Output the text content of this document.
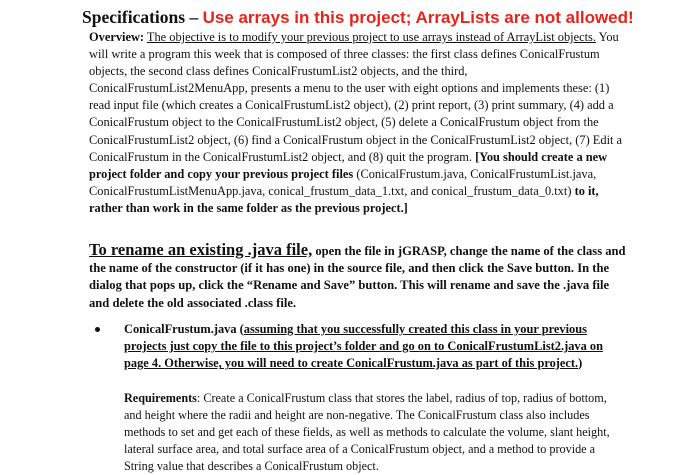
Specifications – Use arrays in this project; ArrayLists are not allowed!
Overview: The objective is to modify your previous project to use arrays instead of ArrayList objects. You will write a program this week that is composed of three classes: the first class defines ConicalFrustum objects, the second class defines ConicalFrustumList2 objects, and the third, ConicalFrustumList2MenuApp, presents a menu to the user with eight options and implements these: (1) read input file (which creates a ConicalFrustumList2 object), (2) print report, (3) print summary, (4) add a ConicalFrustum object to the ConicalFrustumList2 object, (5) delete a ConicalFrustum object from the ConicalFrustumList2 object, (6) find a ConicalFrustum object in the ConicalFrustumList2 object, (7) Edit a ConicalFrustum in the ConicalFrustumList2 object, and (8) quit the program. [You should create a new project folder and copy your previous project files (ConicalFrustum.java, ConicalFrustumList.java, ConicalFrustumListMenuApp.java, conical_frustum_data_1.txt, and conical_frustum_data_0.txt) to it, rather than work in the same folder as the previous project.]
To rename an existing .java file, open the file in jGRASP, change the name of the class and the name of the constructor (if it has one) in the source file, and then click the Save button. In the dialog that pops up, click the “Rename and Save” button. This will rename and save the .java file and delete the old associated .class file.
ConicalFrustum.java (assuming that you successfully created this class in your previous projects just copy the file to this project’s folder and go on to ConicalFrustumList2.java on page 4. Otherwise, you will need to create ConicalFrustum.java as part of this project.)
Requirements: Create a ConicalFrustum class that stores the label, radius of top, radius of bottom, and height where the radii and height are non-negative. The ConicalFrustum class also includes methods to set and get each of these fields, as well as methods to calculate the volume, slant height, lateral surface area, and total surface area of a ConicalFrustum object, and a method to provide a String value that describes a ConicalFrustum object.
